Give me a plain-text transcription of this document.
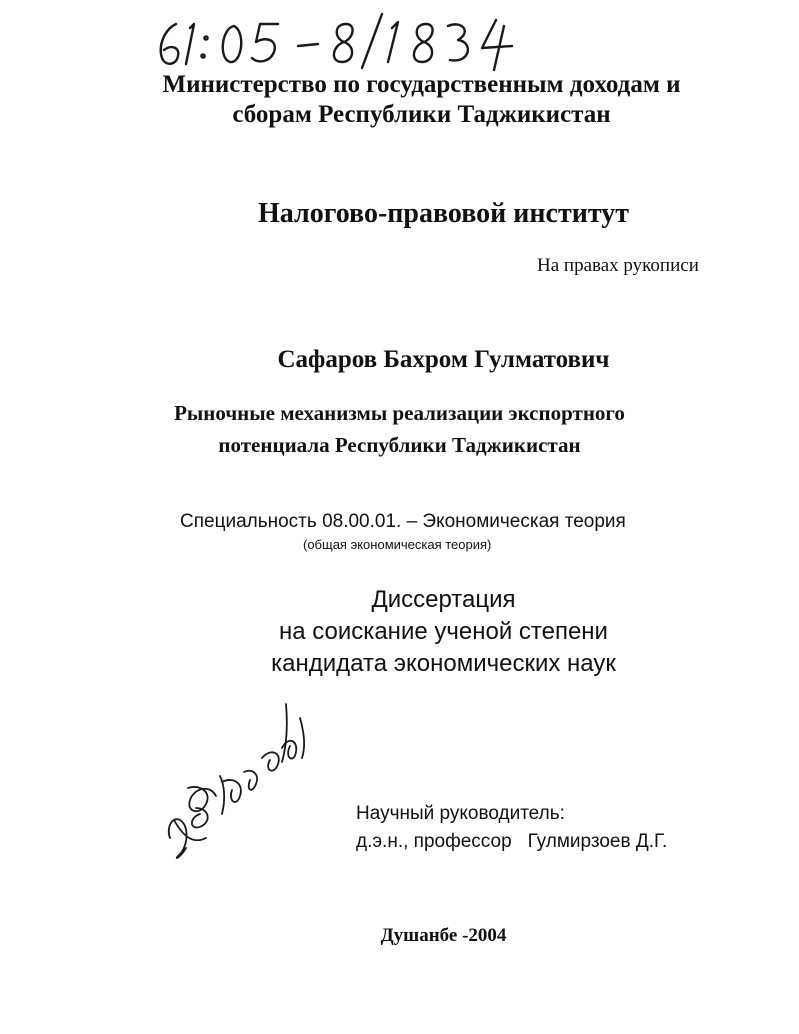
Министерство по государственным доходам и
сборам Республики Таджикистан
Налогово-правовой институт
На правах рукописи
Сафаров Бахром Гулматович
Рыночные механизмы реализации экспортного
потенциала Республики Таджикистан
Специальность 08.00.01. – Экономическая теория
(общая экономическая теория)
Диссертация
на соискание ученой степени
кандидата экономических наук
Научный руководитель:
д.э.н., профессор Гулмирзоев Д.Г.
Душанбе -2004
